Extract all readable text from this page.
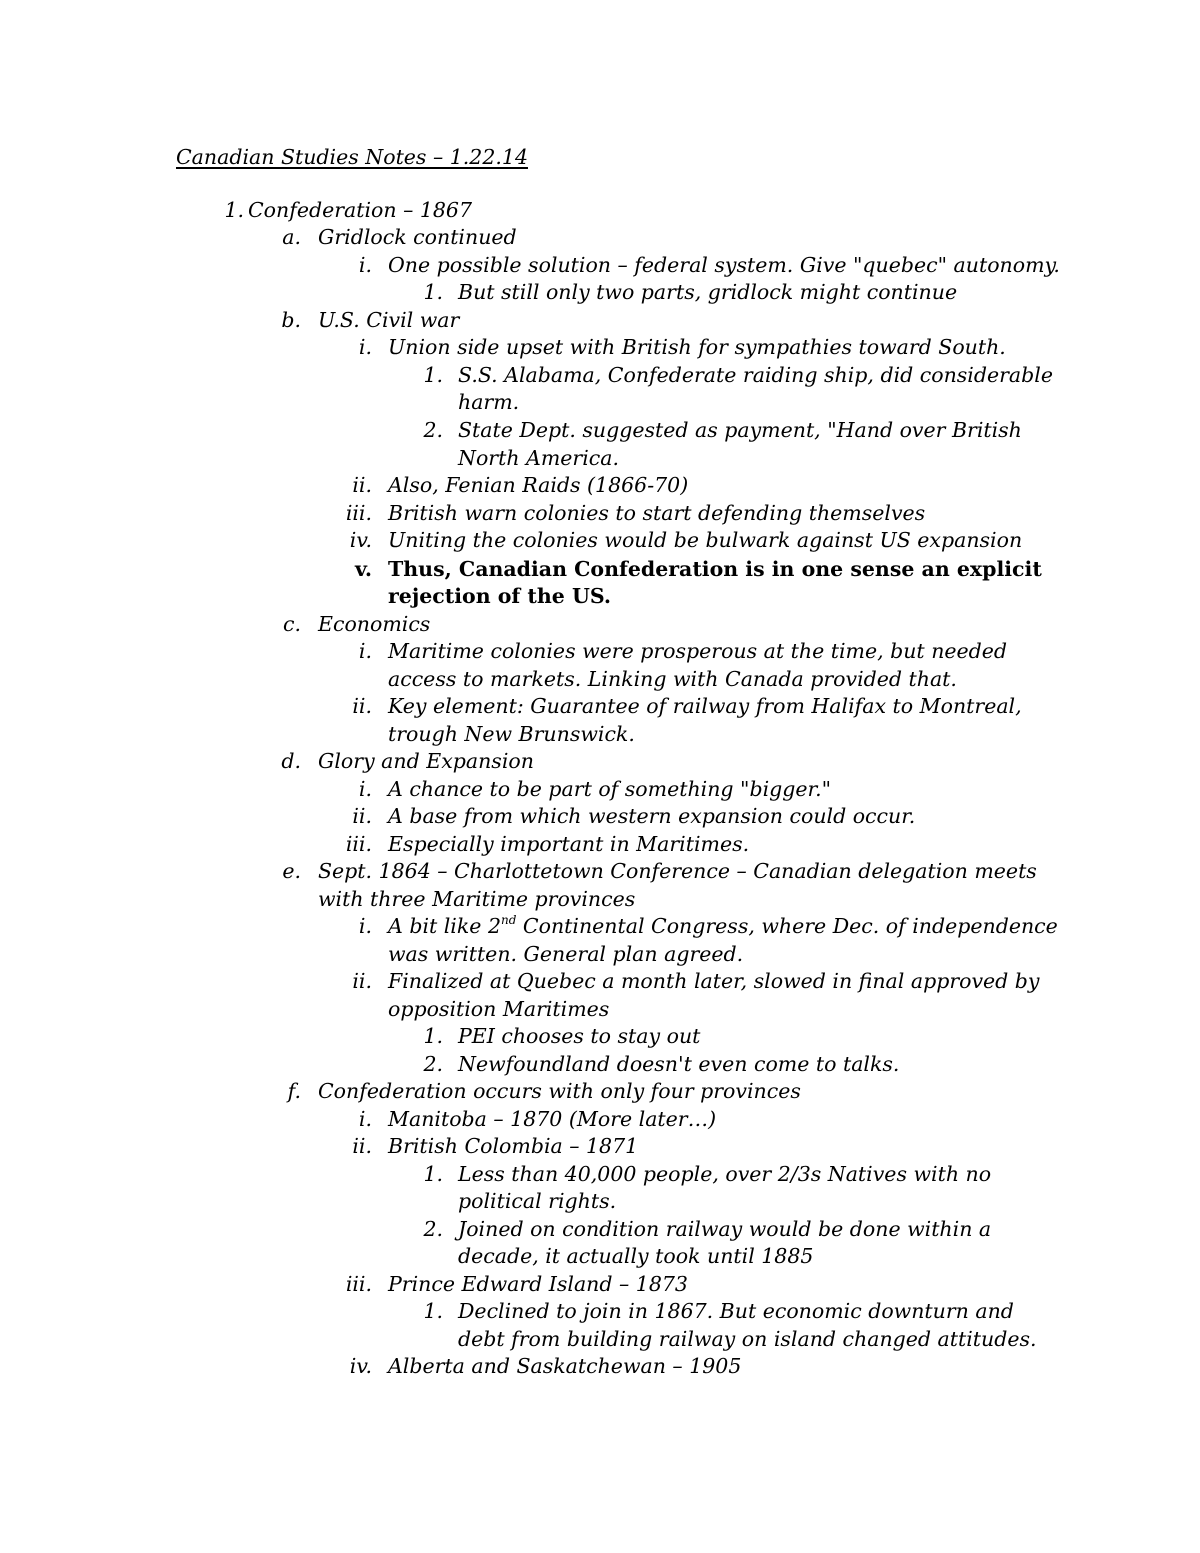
Canadian Studies Notes – 1.22.14
1. Confederation – 1867
a. Gridlock continued
i. One possible solution – federal system. Give "quebec" autonomy.
1. But still only two parts, gridlock might continue
b. U.S. Civil war
i. Union side upset with British for sympathies toward South.
1. S.S. Alabama, Confederate raiding ship, did considerable
harm.
2. State Dept. suggested as payment, "Hand over British
North America.
ii. Also, Fenian Raids (1866-70)
iii. British warn colonies to start defending themselves
iv. Uniting the colonies would be bulwark against US expansion
v. Thus, Canadian Confederation is in one sense an explicit
rejection of the US.
c. Economics
i. Maritime colonies were prosperous at the time, but needed
access to markets. Linking with Canada provided that.
ii. Key element: Guarantee of railway from Halifax to Montreal,
trough New Brunswick.
d. Glory and Expansion
i. A chance to be part of something "bigger."
ii. A base from which western expansion could occur.
iii. Especially important in Maritimes.
e. Sept. 1864 – Charlottetown Conference – Canadian delegation meets
with three Maritime provinces
i. A bit like 2nd Continental Congress, where Dec. of independence
was written. General plan agreed.
ii. Finalized at Quebec a month later, slowed in final approved by
opposition Maritimes
1. PEI chooses to stay out
2. Newfoundland doesn't even come to talks.
f. Confederation occurs with only four provinces
i. Manitoba – 1870 (More later…)
ii. British Colombia – 1871
1. Less than 40,000 people, over 2/3s Natives with no
political rights.
2. Joined on condition railway would be done within a
decade, it actually took until 1885
iii. Prince Edward Island – 1873
1. Declined to join in 1867. But economic downturn and
debt from building railway on island changed attitudes.
iv. Alberta and Saskatchewan – 1905
